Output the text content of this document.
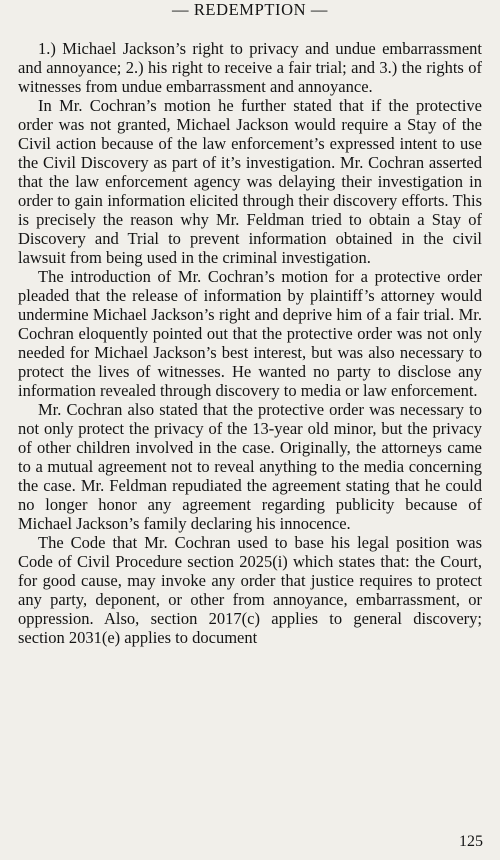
— REDEMPTION —

1.) Michael Jackson’s right to privacy and undue embarrassment and annoyance; 2.) his right to receive a fair trial; and 3.) the rights of witnesses from undue embarrassment and annoyance.

In Mr. Cochran’s motion he further stated that if the protective order was not granted, Michael Jackson would require a Stay of the Civil action because of the law enforcement’s expressed intent to use the Civil Discovery as part of it’s investigation. Mr. Cochran asserted that the law enforcement agency was delaying their investigation in order to gain information elicited through their discovery efforts. This is precisely the reason why Mr. Feldman tried to obtain a Stay of Discovery and Trial to prevent information obtained in the civil lawsuit from being used in the criminal investigation.

The introduction of Mr. Cochran’s motion for a protective order pleaded that the release of information by plaintiff’s attorney would undermine Michael Jackson’s right and deprive him of a fair trial. Mr. Cochran eloquently pointed out that the protective order was not only needed for Michael Jackson’s best interest, but was also necessary to protect the lives of witnesses. He wanted no party to disclose any information revealed through discovery to media or law enforcement.

Mr. Cochran also stated that the protective order was necessary to not only protect the privacy of the 13-year old minor, but the privacy of other children involved in the case. Originally, the attorneys came to a mutual agreement not to reveal anything to the media concerning the case. Mr. Feldman repudiated the agreement stating that he could no longer honor any agreement regarding publicity because of Michael Jackson’s family declaring his innocence.

The Code that Mr. Cochran used to base his legal position was Code of Civil Procedure section 2025(i) which states that: the Court, for good cause, may invoke any order that justice requires to protect any party, deponent, or other from annoyance, embarrassment, or oppression. Also, section 2017(c) applies to general discovery; section 2031(e) applies to document

125
